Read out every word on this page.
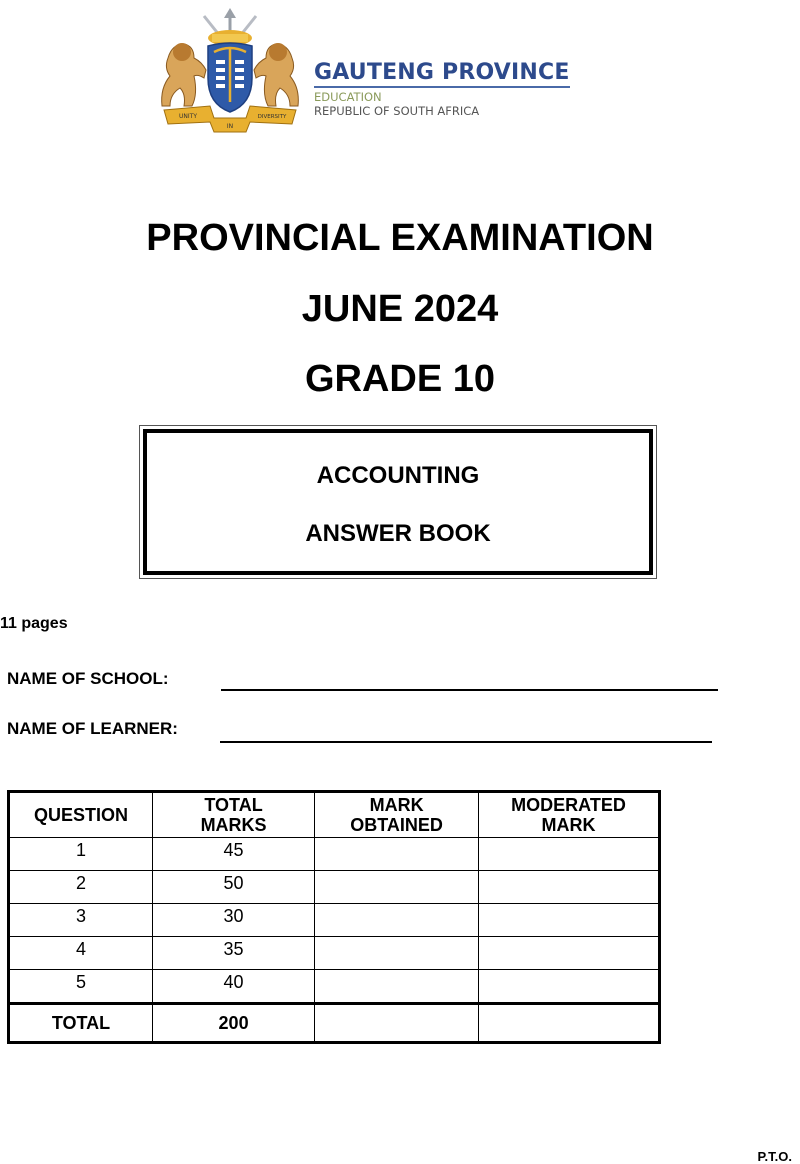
UNITY
IN
DIVERSITY
GAUTENG PROVINCE
EDUCATION
REPUBLIC OF SOUTH AFRICA
PROVINCIAL EXAMINATION
JUNE 2024
GRADE 10
ACCOUNTING
ANSWER BOOK
11 pages
NAME OF SCHOOL:
NAME OF LEARNER:
QUESTION	TOTAL MARKS	MARK OBTAINED	MODERATED MARK
1	45		
2	50		
3	30		
4	35		
5	40		
TOTAL	200		
P.T.O.
